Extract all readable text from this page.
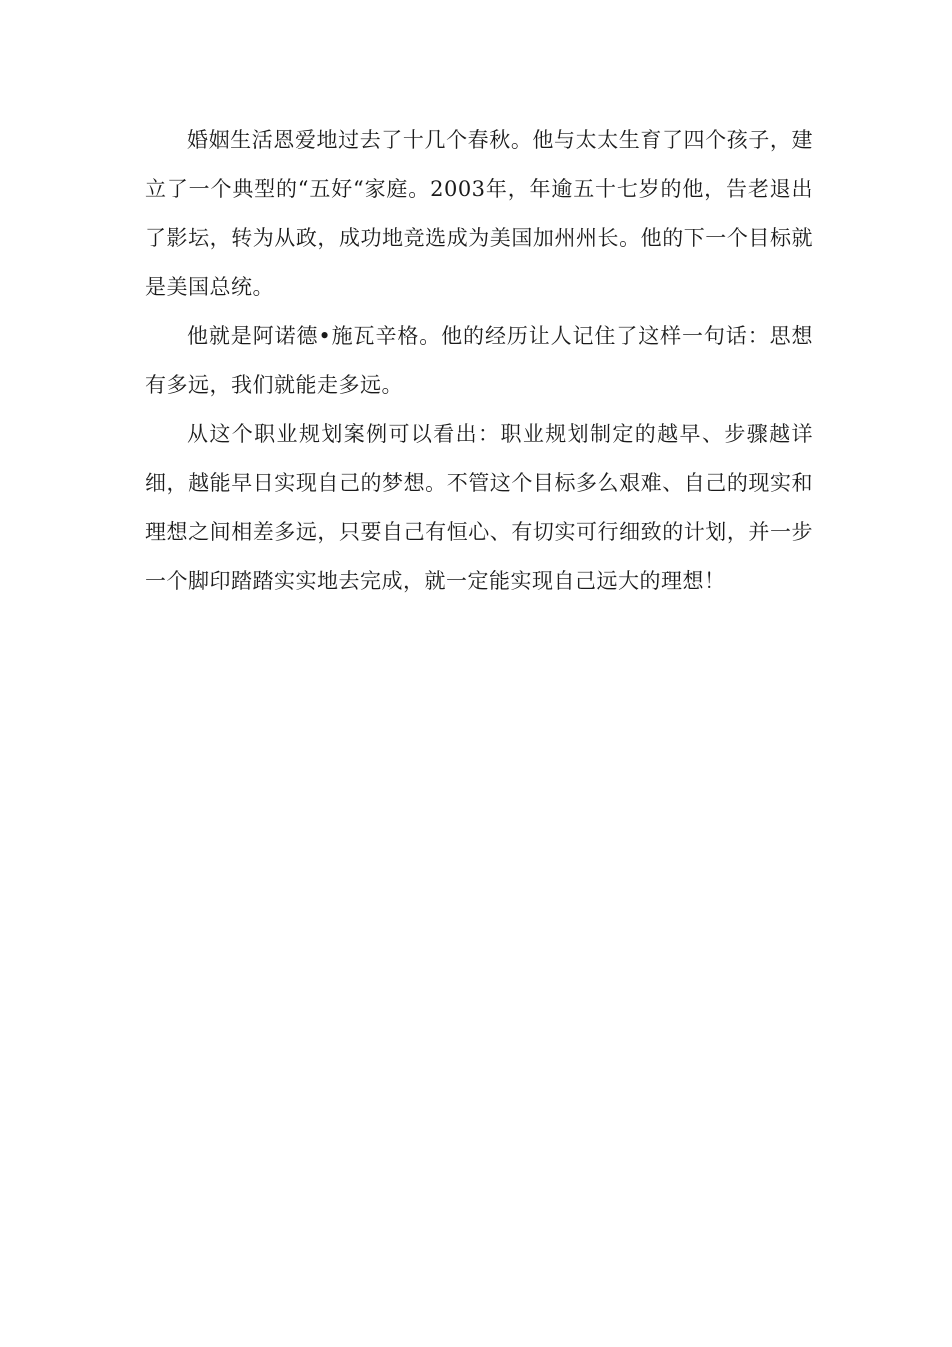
婚姻生活恩爱地过去了十几个春秋。他与太太生育了四个孩子，建立了一个典型的“五好“家庭。2003年，年逾五十七岁的他，告老退出了影坛，转为从政，成功地竞选成为美国加州州长。他的下一个目标就是美国总统。

他就是阿诺德•施瓦辛格。他的经历让人记住了这样一句话：思想有多远，我们就能走多远。

从这个职业规划案例可以看出：职业规划制定的越早、步骤越详细，越能早日实现自己的梦想。不管这个目标多么艰难、自己的现实和理想之间相差多远，只要自己有恒心、有切实可行细致的计划，并一步一个脚印踏踏实实地去完成，就一定能实现自己远大的理想！
